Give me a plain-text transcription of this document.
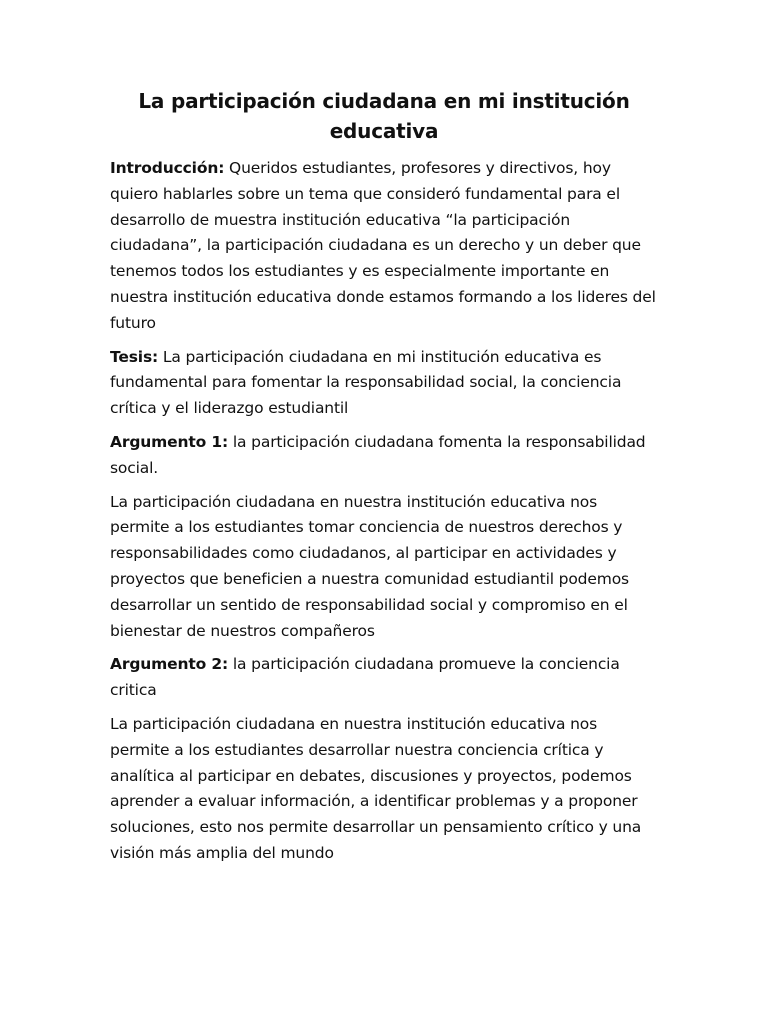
La participación ciudadana en mi institución educativa

Introducción: Queridos estudiantes, profesores y directivos, hoy quiero hablarles sobre un tema que consideró fundamental para el desarrollo de muestra institución educativa “la participación ciudadana”, la participación ciudadana es un derecho y un deber que tenemos todos los estudiantes y es especialmente importante en nuestra institución educativa donde estamos formando a los lideres del futuro

Tesis: La participación ciudadana en mi institución educativa es fundamental para fomentar la responsabilidad social, la conciencia crítica y el liderazgo estudiantil

Argumento 1: la participación ciudadana fomenta la responsabilidad social.

La participación ciudadana en nuestra institución educativa nos permite a los estudiantes tomar conciencia de nuestros derechos y responsabilidades como ciudadanos, al participar en actividades y proyectos que beneficien a nuestra comunidad estudiantil podemos desarrollar un sentido de responsabilidad social y compromiso en el bienestar de nuestros compañeros

Argumento 2: la participación ciudadana promueve la conciencia critica

La participación ciudadana en nuestra institución educativa nos permite a los estudiantes desarrollar nuestra conciencia crítica y analítica al participar en debates, discusiones y proyectos, podemos aprender a evaluar información, a identificar problemas y a proponer soluciones, esto nos permite desarrollar un pensamiento crítico y una visión más amplia del mundo
